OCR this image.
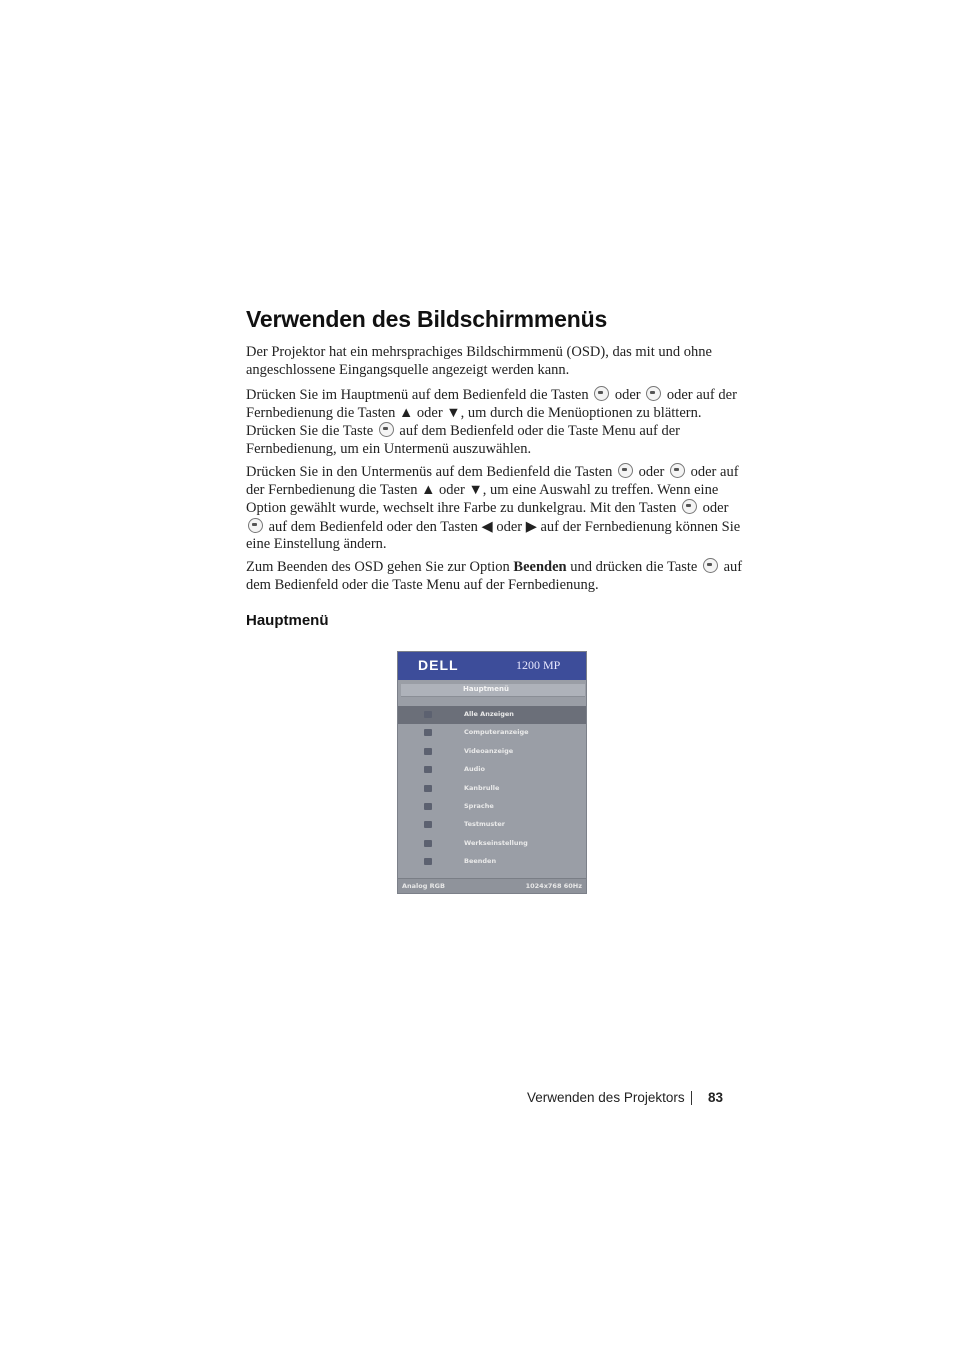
Verwenden des Bildschirmmenüs

Der Projektor hat ein mehrsprachiges Bildschirmmenü (OSD), das mit und ohne angeschlossene Eingangsquelle angezeigt werden kann.

Drücken Sie im Hauptmenü auf dem Bedienfeld die Tasten oder oder auf der Fernbedienung die Tasten ▲ oder ▼, um durch die Menüoptionen zu blättern. Drücken Sie die Taste auf dem Bedienfeld oder die Taste Menu auf der Fernbedienung, um ein Untermenü auszuwählen.

Drücken Sie in den Untermenüs auf dem Bedienfeld die Tasten oder oder auf der Fernbedienung die Tasten ▲ oder ▼, um eine Auswahl zu treffen. Wenn eine Option gewählt wurde, wechselt ihre Farbe zu dunkelgrau. Mit den Tasten oder  auf dem Bedienfeld oder den Tasten ◀ oder ▶ auf der Fernbedienung können Sie eine Einstellung ändern.

Zum Beenden des OSD gehen Sie zur Option Beenden und drücken die Taste auf dem Bedienfeld oder die Taste Menu auf der Fernbedienung.

Hauptmenü
DELL	1200 MP
Hauptmenü
Alle Anzeigen
Computeranzeige
Videoanzeige
Audio
Kanbrulle
Sprache
Testmuster
Werkseinstellung
Beenden
Analog RGB	1024x768 60Hz
Verwenden des Projektors 83
